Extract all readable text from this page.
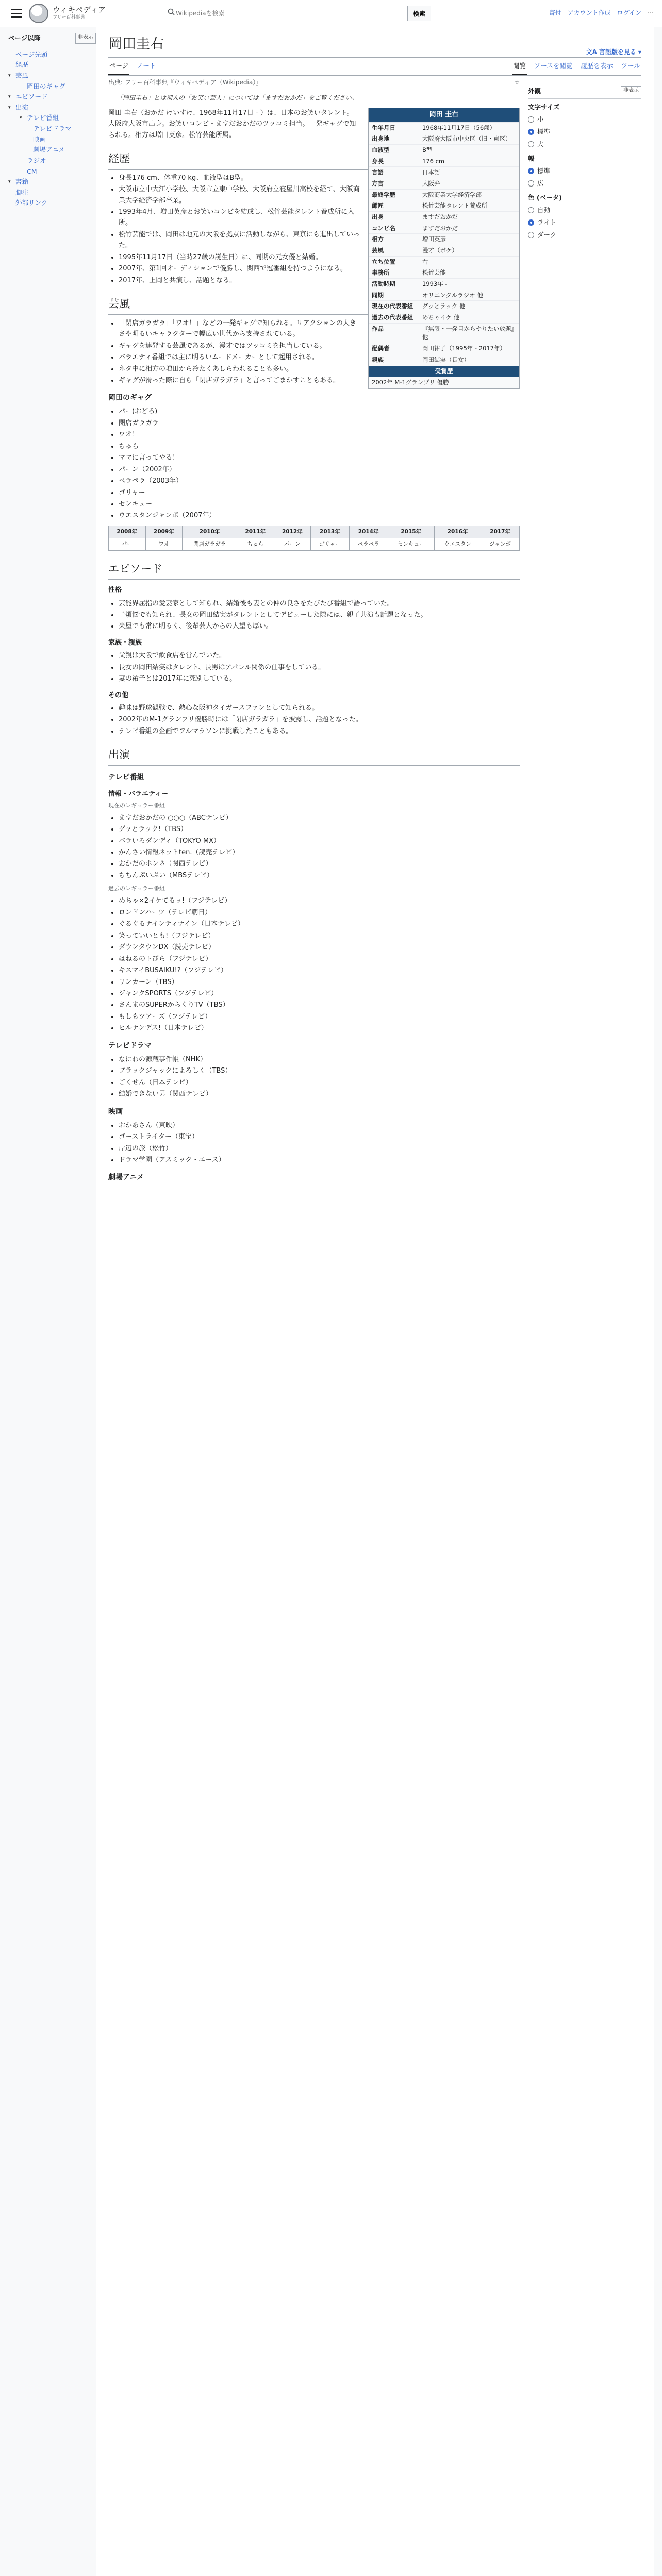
ウィキペディア
フリー百科事典
Wikipediaを検索
検索	寄付 アカウント作成 ログイン ⋯
ページ以降	非表示
ページ先頭
経歴
▾ 芸風
岡田のギャグ
▾ エピソード
▾ 出演
▾ テレビ番組
テレビドラマ
映画
劇場アニメ
ラジオ
CM
▾ 書籍
脚注
外部リンク
岡田圭右	文A 言語版を見る ▾
ページ ノート	閲覧 ソースを閲覧 履歴を表示 ツール
出典: フリー百科事典『ウィキペディア（Wikipedia）』	☆
「岡田圭右」とは別人の「お笑い芸人」については「ますだおかだ」をご覧ください。
岡田 圭右
生年月日	1968年11月17日（56歳）
出身地	大阪府大阪市中央区（旧・東区）
血液型	B型
身長	176 cm
言語	日本語
方言	大阪弁
最終学歴	大阪商業大学経済学部
師匠	松竹芸能タレント養成所
出身	ますだおかだ
コンビ名	ますだおかだ
相方	増田英彦
芸風	漫才（ボケ）
立ち位置	右
事務所	松竹芸能
活動時期	1993年 -
同期	オリエンタルラジオ 他
現在の代表番組	グッとラック 他
過去の代表番組	めちゃイケ 他
作品	『無限・一発目からやりたい放題』他
配偶者	岡田祐子（1995年 - 2017年）
親族	岡田結実（長女）
受賞歴
2002年 M-1グランプリ 優勝

岡田 圭右（おかだ けいすけ、1968年11月17日 - ）は、日本のお笑いタレント。大阪府大阪市出身。お笑いコンビ・ますだおかだのツッコミ担当。一発ギャグで知られる。相方は増田英彦。松竹芸能所属。

経歴
• 身長176 cm、体重70 kg、血液型はB型。
• 大阪市立中大江小学校、大阪市立東中学校、大阪府立寝屋川高校を経て、大阪商業大学経済学部卒業。
• 1993年4月、増田英彦とお笑いコンビを結成し、松竹芸能タレント養成所に入所。
• 松竹芸能では、岡田は地元の大阪を拠点に活動しながら、東京にも進出していった。
• 1995年11月17日（当時27歳の誕生日）に、同期の元女優と結婚。
• 2007年、第1回オーディションで優勝し、関西で冠番組を持つようになる。
• 2017年、上岡と共演し、話題となる。
芸風
• 「閉店ガラガラ」「ワオ！」などの一発ギャグで知られる。リアクションの大きさや明るいキャラクターで幅広い世代から支持されている。
• ギャグを連発する芸風であるが、漫才ではツッコミを担当している。
• バラエティ番組では主に明るいムードメーカーとして起用される。
• ネタ中に相方の増田から冷たくあしらわれることも多い。
• ギャグが滑った際に自ら「閉店ガラガラ」と言ってごまかすこともある。
岡田のギャグ
• パー(おどろ)
• 閉店ガラガラ
• ワオ！
• ちゅら
• ママに言ってやる！
• パーン（2002年）
• ペラペラ（2003年）
• ゴリャー
• センキュー
• ウエスタンジャンボ（2007年）
2008年	2009年	2010年	2011年	2012年	2013年	2014年	2015年	2016年	2017年
パー	ワオ	閉店ガラガラ	ちゅら	パーン	ゴリャー	ペラペラ	センキュー	ウエスタン	ジャンボ
エピソード
性格
• 芸能界屈指の愛妻家として知られ、結婚後も妻との仲の良さをたびたび番組で語っていた。
• 子煩悩でも知られ、長女の岡田結実がタレントとしてデビューした際には、親子共演も話題となった。
• 楽屋でも常に明るく、後輩芸人からの人望も厚い。
家族・親族
• 父親は大阪で飲食店を営んでいた。
• 長女の岡田結実はタレント、長男はアパレル関係の仕事をしている。
• 妻の祐子とは2017年に死別している。
その他
• 趣味は野球観戦で、熱心な阪神タイガースファンとして知られる。
• 2002年のM-1グランプリ優勝時には「閉店ガラガラ」を披露し、話題となった。
• テレビ番組の企画でフルマラソンに挑戦したこともある。
出演
テレビ番組
情報・バラエティー
現在のレギュラー番組
• ますだおかだの ○○○（ABCテレビ）
• グッとラック!（TBS）
• バラいろダンディ（TOKYO MX）
• かんさい情報ネットten.（読売テレビ）
• おかだのホンネ（関西テレビ）
• ちちんぷいぷい（MBSテレビ）
過去のレギュラー番組
• めちゃ×2イケてるッ!（フジテレビ）
• ロンドンハーツ（テレビ朝日）
• ぐるぐるナインティナイン（日本テレビ）
• 笑っていいとも!（フジテレビ）
• ダウンタウンDX（読売テレビ）
• はねるのトびら（フジテレビ）
• キスマイBUSAIKU!?（フジテレビ）
• リンカーン（TBS）
• ジャンクSPORTS（フジテレビ）
• さんまのSUPERからくりTV（TBS）
• もしもツアーズ（フジテレビ）
• ヒルナンデス!（日本テレビ）
テレビドラマ
• なにわの源蔵事件帳（NHK）
• ブラックジャックによろしく（TBS）
• ごくせん（日本テレビ）
• 結婚できない男（関西テレビ）
映画
• おかあさん（東映）
• ゴーストライター（東宝）
• 岸辺の旅（松竹）
• ドラマ学園（アスミック・エース）
劇場アニメ
外観	非表示
文字サイズ
小
標準
大
幅
標準
広
色 (ベータ)
自動
ライト
ダーク
